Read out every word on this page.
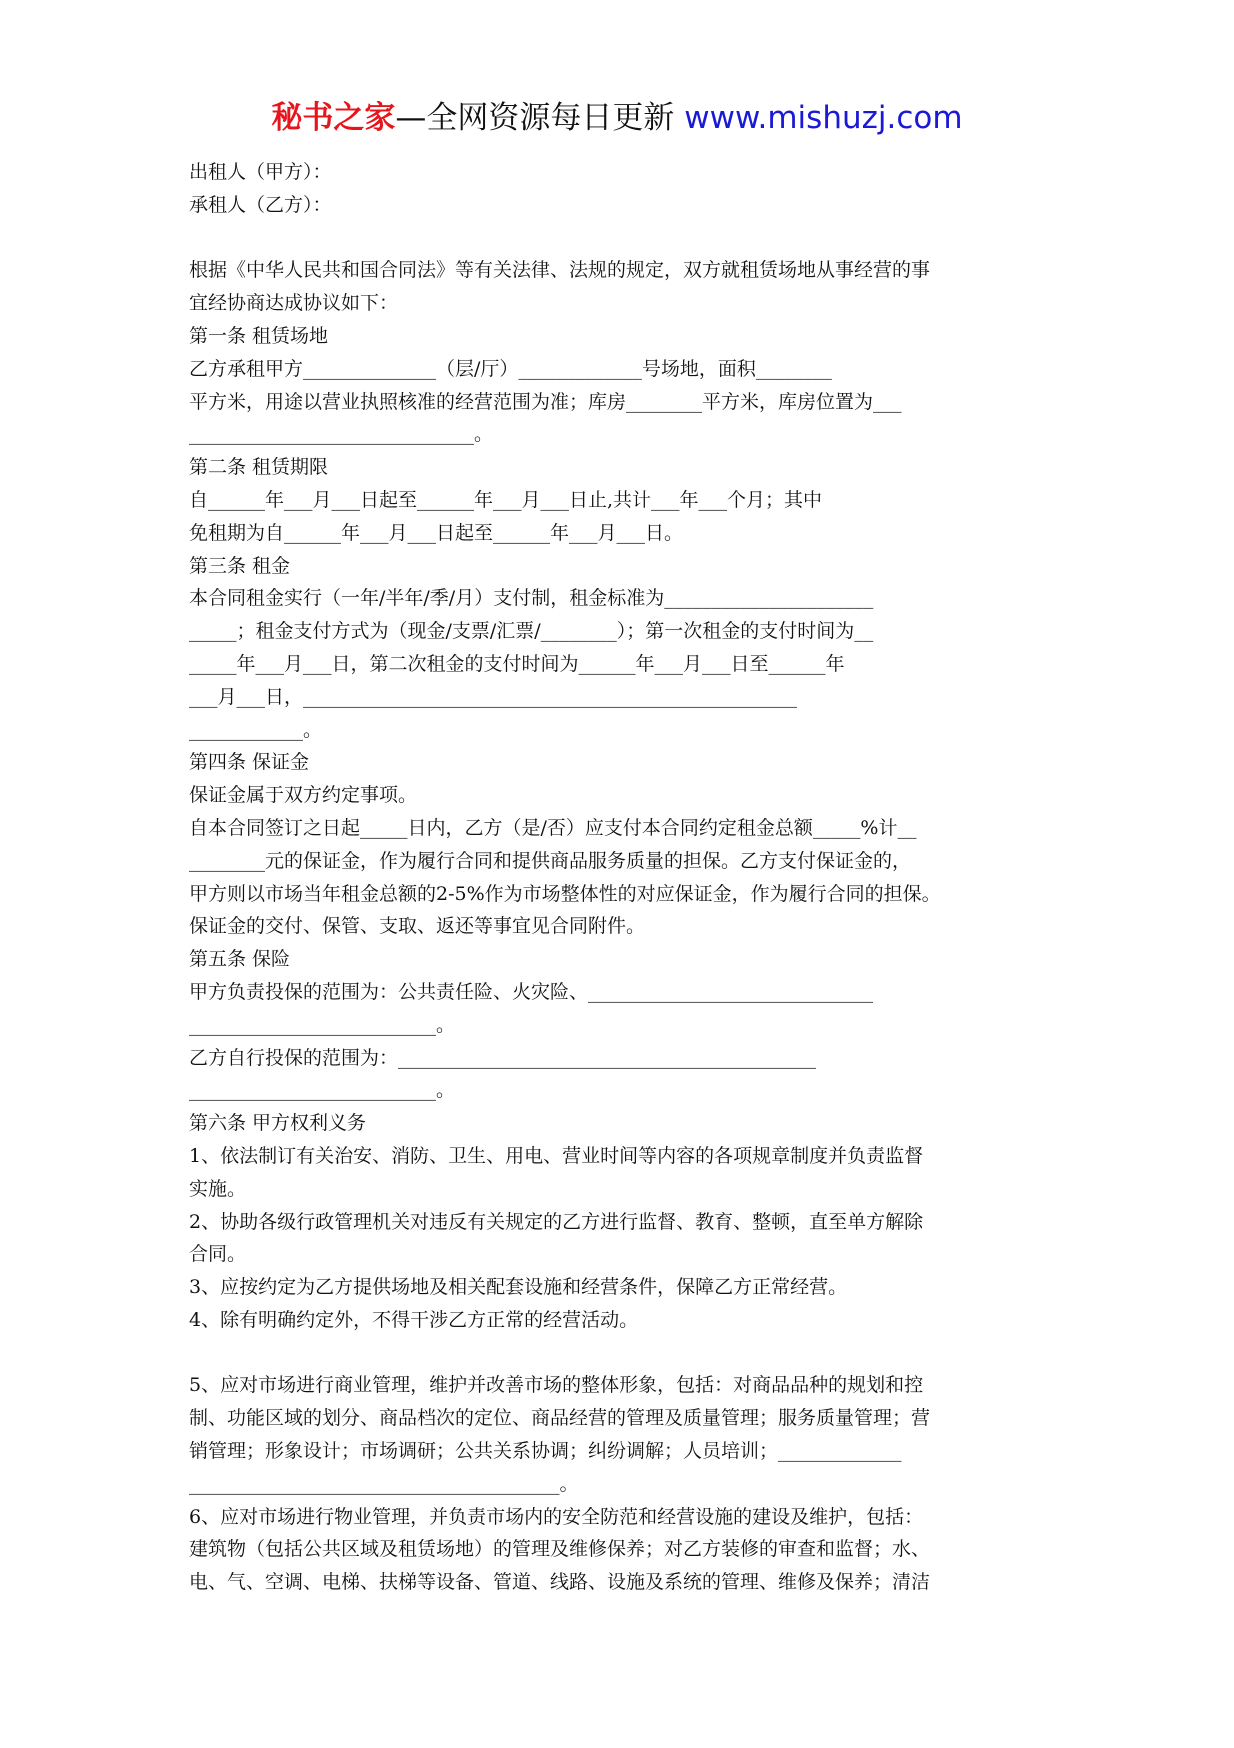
秘书之家—全网资源每日更新 www.mishuzj.com

出租人（甲方）：

承租人（乙方）：

根据《中华人民共和国合同法》等有关法律、法规的规定，双方就租赁场地从事经营的事

宜经协商达成协议如下：

第一条 租赁场地

乙方承租甲方______________（层/厅）_____________号场地，面积________

平方米，用途以营业执照核准的经营范围为准；库房________平方米，库房位置为___

______________________________。

第二条 租赁期限

自______年___月___日起至______年___月___日止,共计___年___个月；其中

免租期为自______年___月___日起至______年___月___日。

第三条 租金

本合同租金实行（一年/半年/季/月）支付制，租金标准为______________________

_____；租金支付方式为（现金/支票/汇票/________）；第一次租金的支付时间为__

_____年___月___日，第二次租金的支付时间为______年___月___日至______年

___月___日，____________________________________________________

____________。

第四条 保证金

保证金属于双方约定事项。

自本合同签订之日起_____日内，乙方（是/否）应支付本合同约定租金总额_____%计__

________元的保证金，作为履行合同和提供商品服务质量的担保。乙方支付保证金的，

甲方则以市场当年租金总额的2-5%作为市场整体性的对应保证金，作为履行合同的担保。

保证金的交付、保管、支取、返还等事宜见合同附件。

第五条 保险

甲方负责投保的范围为：公共责任险、火灾险、______________________________

__________________________。

乙方自行投保的范围为：____________________________________________

__________________________。

第六条 甲方权利义务

1、依法制订有关治安、消防、卫生、用电、营业时间等内容的各项规章制度并负责监督

实施。

2、协助各级行政管理机关对违反有关规定的乙方进行监督、教育、整顿，直至单方解除

合同。

3、应按约定为乙方提供场地及相关配套设施和经营条件，保障乙方正常经营。

4、除有明确约定外，不得干涉乙方正常的经营活动。

5、应对市场进行商业管理，维护并改善市场的整体形象，包括：对商品品种的规划和控

制、功能区域的划分、商品档次的定位、商品经营的管理及质量管理；服务质量管理；营

销管理；形象设计；市场调研；公共关系协调；纠纷调解；人员培训；_____________

_______________________________________。

6、应对市场进行物业管理，并负责市场内的安全防范和经营设施的建设及维护，包括：

建筑物（包括公共区域及租赁场地）的管理及维修保养；对乙方装修的审查和监督；水、

电、气、空调、电梯、扶梯等设备、管道、线路、设施及系统的管理、维修及保养；清洁
